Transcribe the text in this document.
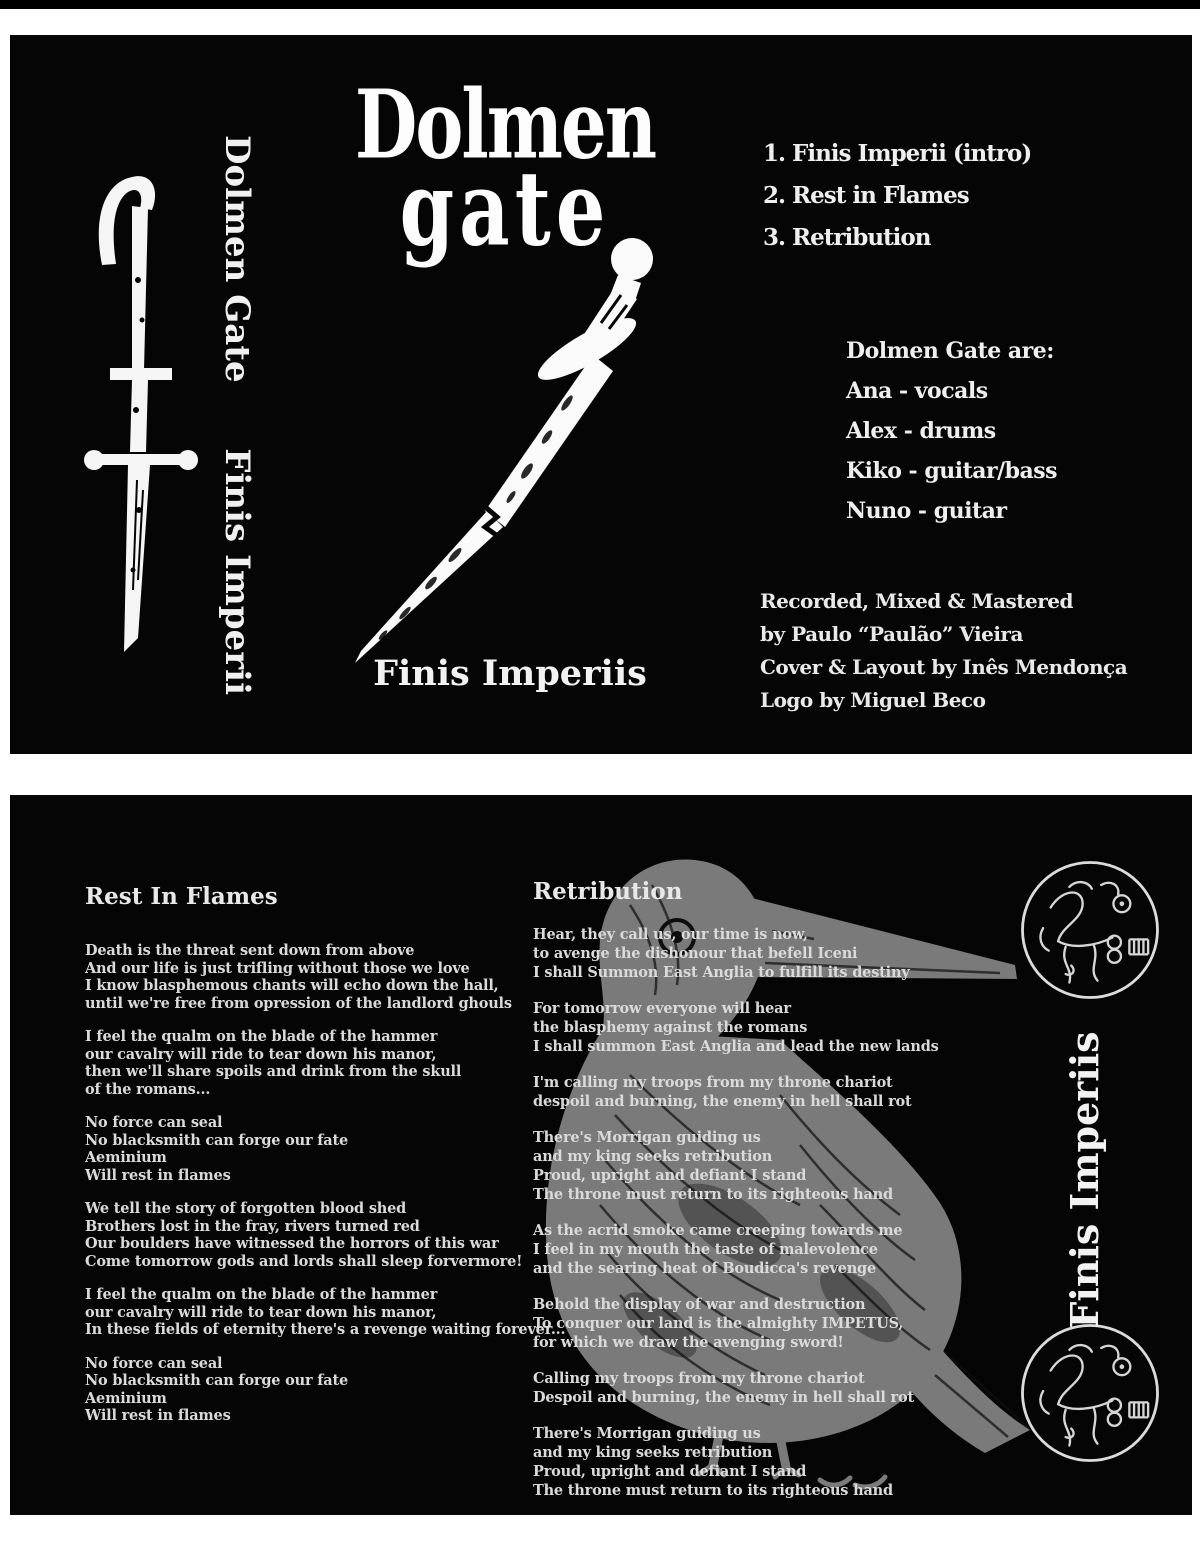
Dolmen Gate
Finis Imperii
Dolmen
gate	1. Finis Imperii (intro)
2. Rest in Flames
3. Retribution
Dolmen Gate are:
Ana - vocals
Alex - drums
Kiko - guitar/bass
Nuno - guitar
Recorded, Mixed & Mastered
by Paulo “Paulão” Vieira
Cover & Layout by Inês Mendonça
Logo by Miguel Beco
Finis Imperiis
Rest In Flames
Death is the threat sent down from above
And our life is just trifling without those we love
I know blasphemous chants will echo down the hall,
until we're free from opression of the landlord ghouls
I feel the qualm on the blade of the hammer
our cavalry will ride to tear down his manor,
then we'll share spoils and drink from the skull
of the romans...
No force can seal
No blacksmith can forge our fate
Aeminium
Will rest in flames
We tell the story of forgotten blood shed
Brothers lost in the fray, rivers turned red
Our boulders have witnessed the horrors of this war
Come tomorrow gods and lords shall sleep forvermore!
I feel the qualm on the blade of the hammer
our cavalry will ride to tear down his manor,
In these fields of eternity there's a revenge waiting forever...
No force can seal
No blacksmith can forge our fate
Aeminium
Will rest in flames
Retribution
Hear, they call us, our time is now,
to avenge the dishonour that befell Iceni
I shall Summon East Anglia to fulfill its destiny
For tomorrow everyone will hear
the blasphemy against the romans
I shall summon East Anglia and lead the new lands
I'm calling my troops from my throne chariot
despoil and burning, the enemy in hell shall rot
There's Morrigan guiding us
and my king seeks retribution
Proud, upright and defiant I stand
The throne must return to its righteous hand
As the acrid smoke came creeping towards me
I feel in my mouth the taste of malevolence
and the searing heat of Boudicca's revenge
Behold the display of war and destruction
To conquer our land is the almighty IMPETUS,
for which we draw the avenging sword!
Calling my troops from my throne chariot
Despoil and burning, the enemy in hell shall rot
There's Morrigan guiding us
and my king seeks retribution
Proud, upright and defiant I stand
The throne must return to its righteous hand
Finis Imperiis
